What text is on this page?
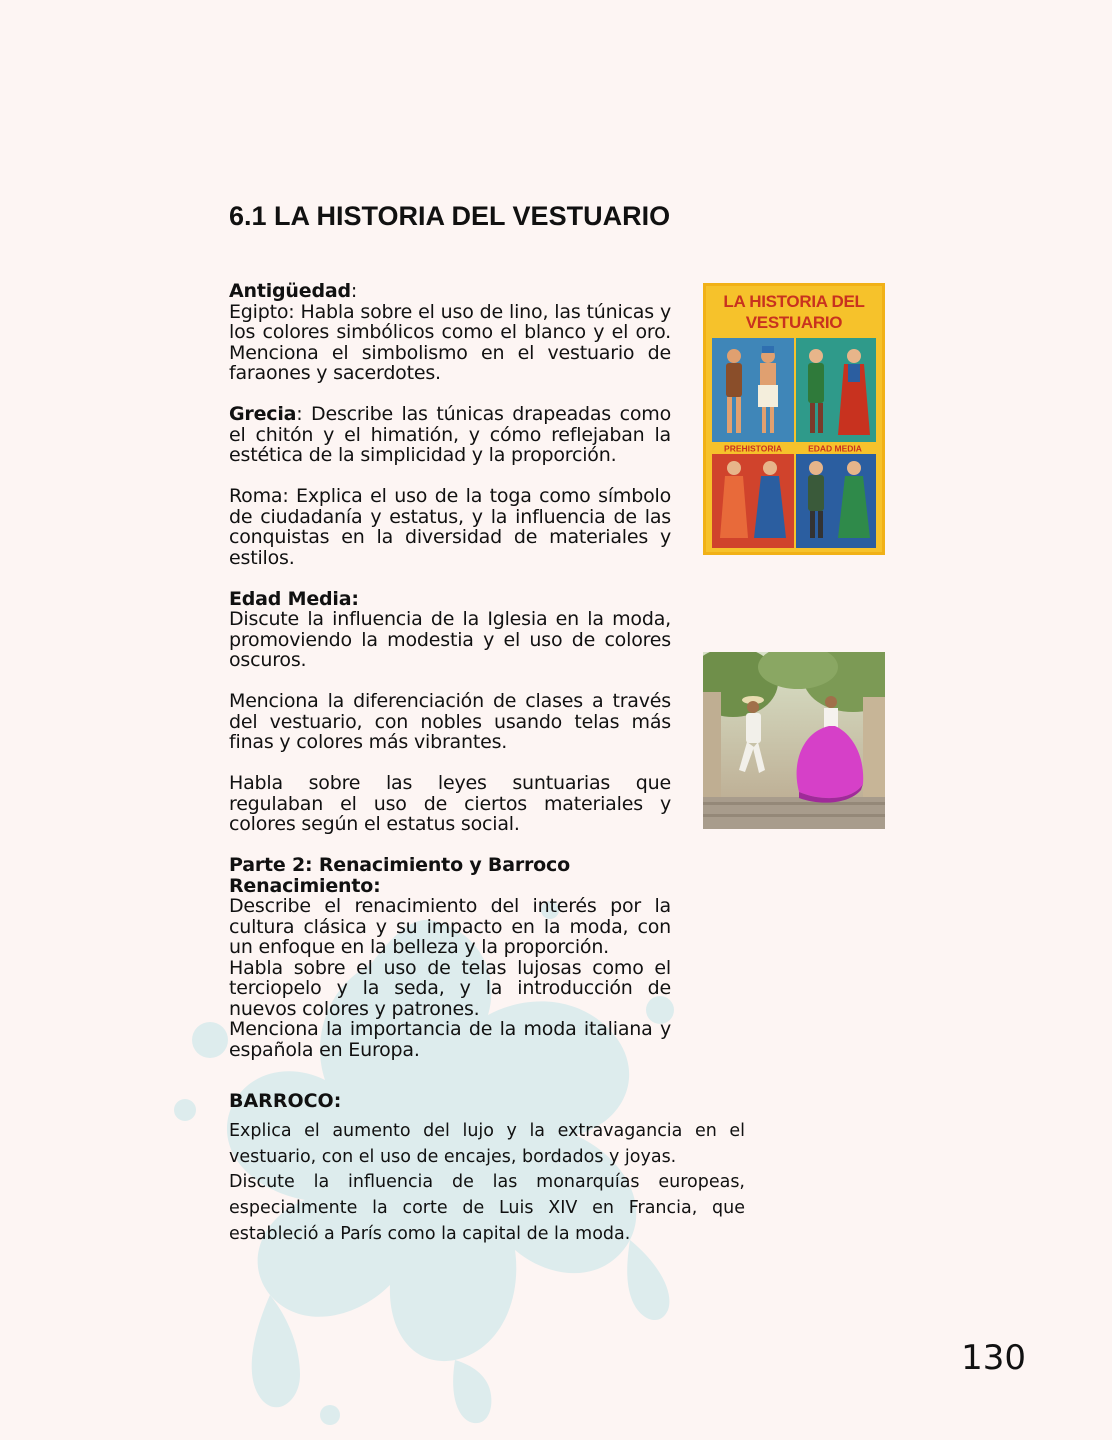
6.1 LA HISTORIA DEL VESTUARIO

Antigüedad:
Egipto: Habla sobre el uso de lino, las túnicas y los colores simbólicos como el blanco y el oro. Menciona el simbolismo en el vestuario de faraones y sacerdotes.

Grecia: Describe las túnicas drapeadas como el chitón y el himatión, y cómo reflejaban la estética de la simplicidad y la proporción.

Roma: Explica el uso de la toga como símbolo de ciudadanía y estatus, y la influencia de las conquistas en la diversidad de materiales y estilos.

Edad Media:
Discute la influencia de la Iglesia en la moda, promoviendo la modestia y el uso de colores oscuros.

Menciona la diferenciación de clases a través del vestuario, con nobles usando telas más finas y colores más vibrantes.

Habla sobre las leyes suntuarias que regulaban el uso de ciertos materiales y colores según el estatus social.

Parte 2: Renacimiento y Barroco
Renacimiento:
Describe el renacimiento del interés por la cultura clásica y su impacto en la moda, con un enfoque en la belleza y la proporción.
Habla sobre el uso de telas lujosas como el terciopelo y la seda, y la introducción de nuevos colores y patrones.
Menciona la importancia de la moda italiana y española en Europa.

BARROCO:

Explica el aumento del lujo y la extravagancia en el vestuario, con el uso de encajes, bordados y joyas.

Discute la influencia de las monarquías europeas, especialmente la corte de Luis XIV en Francia, que estableció a París como la capital de la moda.

LA HISTORIA DEL
VESTUARIO
PREHISTORIA	EDAD MEDIA
130
